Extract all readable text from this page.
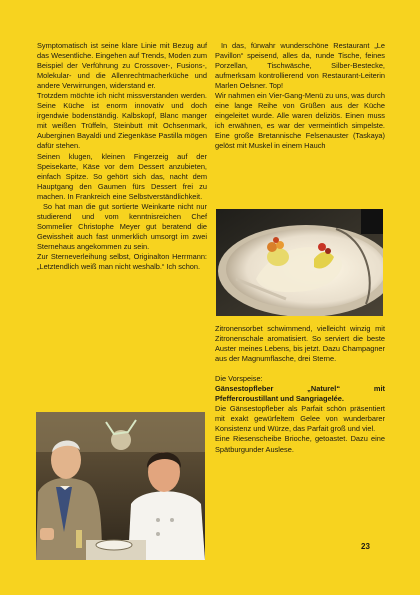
Symptomatisch ist seine klare Linie mit Bezug auf das Wesentliche. Eingehen auf Trends, Moden zum Beispiel der Verführung zu Crossover-, Fusions-, Molekular- und die Allenrechtmacherküche und andere Verwirrungen, widerstand er.

Trotzdem möchte ich nicht missverstanden werden. Seine Küche ist enorm innovativ und doch irgendwie bodenständig. Kalbskopf, Blanc manger mit weißen Trüffeln, Steinbutt mit Ochsenmark, Auberginen Bayaldi und Ziegenkäse Pastilla mögen dafür stehen.

Seinen klugen, kleinen Fingerzeig auf der Speisekarte, Käse vor dem Dessert anzubieten, einfach Spitze. So gehört sich das, nacht dem Hauptgang den Gaumen fürs Dessert frei zu machen. In Frankreich eine Selbstverständlichkeit.

So hat man die gut sortierte Weinkarte nicht nur studierend und vom kenntnisreichen Chef Sommelier Christophe Meyer gut beratend die Gewissheit auch fast unmerklich umsorgt im zwei Sternehaus angekommen zu sein.

Zur Sterneverleihung selbst, Originalton Herrmann: „Letztendlich weiß man nicht weshalb.“ Ich schon.

In das, fürwahr wunderschöne Restaurant „Le Pavillon“ speisend, alles da, runde Tische, feines Porzellan, Tischwäsche, Silber-Bestecke, aufmerksam kontrollierend von Restaurant-Leiterin Marlen Oelsner. Top!

Wir nahmen ein Vier-Gang-Menü zu uns, was durch eine lange Reihe von Grüßen aus der Küche eingeleitet wurde. Alle waren deliziös. Einen muss ich erwähnen, es war der vermeintlich simpelste. Eine große Bretannische Felsenauster (Taskaya) gelöst mit Muskel in einem Hauch

Zitronensorbet schwimmend, vielleicht winzig mit Zitronenschale aromatisiert. So serviert die beste Auster meines Lebens, bis jetzt. Dazu Champagner aus der Magnumflasche, drei Sterne.

Die Vorspeise:

Gänsestopfleber „Naturel“ mit Pfeffercroustillant und Sangriagelée.

Die Gänsestopfleber als Parfait schön präsentiert mit exakt gewürfeltem Gelee von wunderbarer Konsistenz und Würze, das Parfait groß und viel.

Eine Riesenscheibe Brioche, getoastet. Dazu eine Spätburgunder Auslese.

23
